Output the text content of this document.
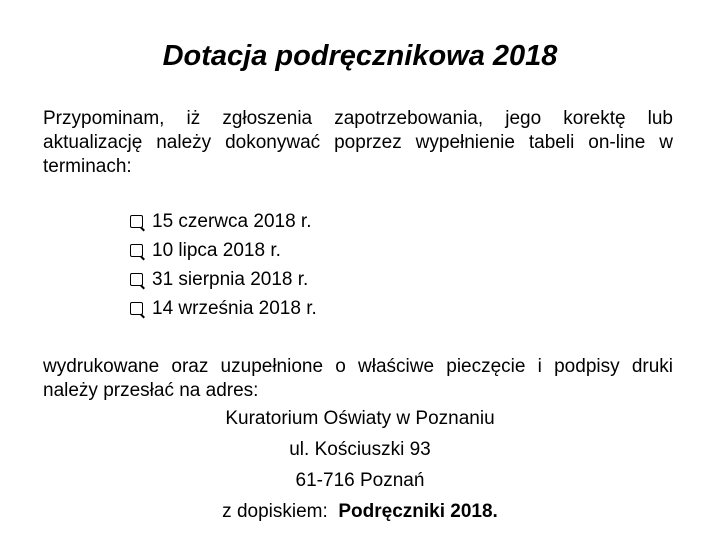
Dotacja podręcznikowa 2018
Przypominam, iż zgłoszenia zapotrzebowania, jego korektę lub aktualizację należy dokonywać poprzez wypełnienie tabeli on-line w terminach:
15 czerwca 2018 r.
10 lipca 2018 r.
31 sierpnia 2018 r.
14 września 2018 r.
wydrukowane oraz uzupełnione o właściwe pieczęcie i podpisy druki należy przesłać na adres:
Kuratorium Oświaty w Poznaniu
ul. Kościuszki 93
61-716 Poznań
z dopiskiem: Podręczniki 2018.
